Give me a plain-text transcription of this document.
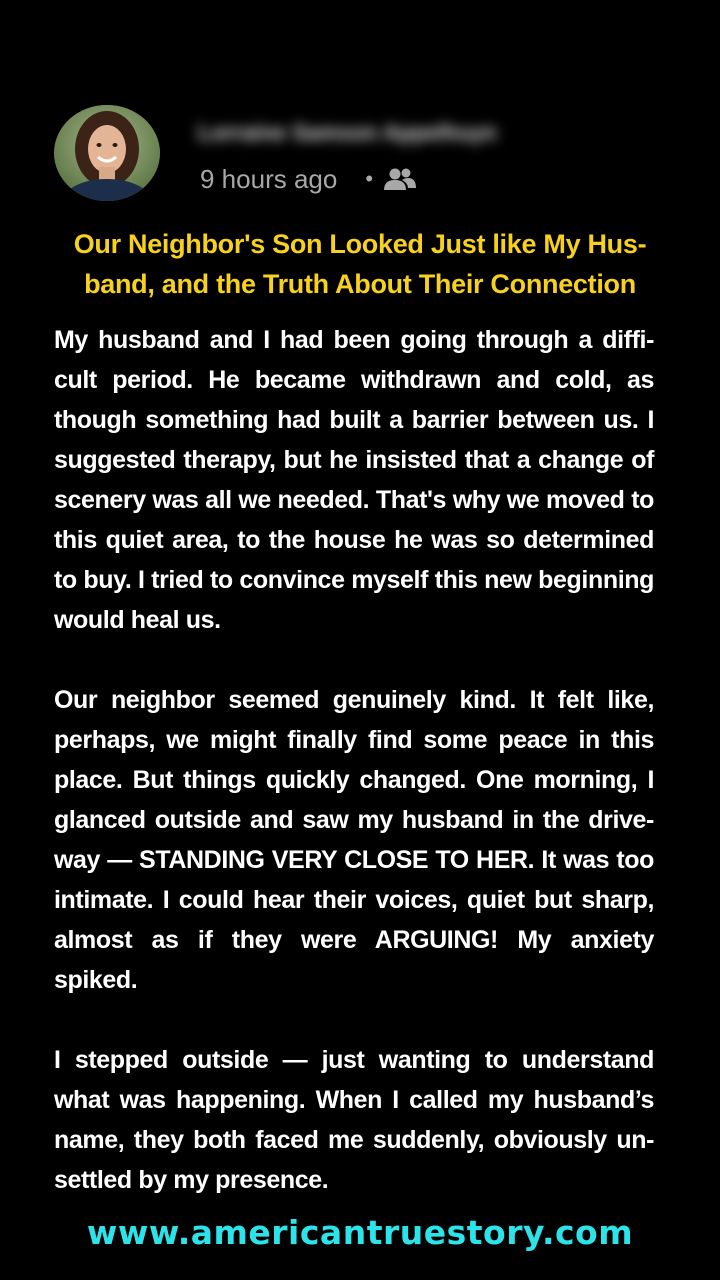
Lorraine Samson Appelhuyn
9 hours ago •
Our Neighbor's Son Looked Just like My Hus-band, and the Truth About Their Connection

My husband and I had been going through a diffi-cult period. He became withdrawn and cold, as though something had built a barrier between us. I suggested therapy, but he insisted that a change of scenery was all we needed. That's why we moved to this quiet area, to the house he was so determined to buy. I tried to convince myself this new beginning would heal us.

Our neighbor seemed genuinely kind. It felt like, perhaps, we might finally find some peace in this place. But things quickly changed. One morning, I glanced outside and saw my husband in the drive-way — STANDING VERY CLOSE TO HER. It was too intimate. I could hear their voices, quiet but sharp, almost as if they were ARGUING! My anxiety spiked.

I stepped outside — just wanting to understand what was happening. When I called my husband’s name, they both faced me suddenly, obviously un-settled by my presence.

www.americantruestory.com
